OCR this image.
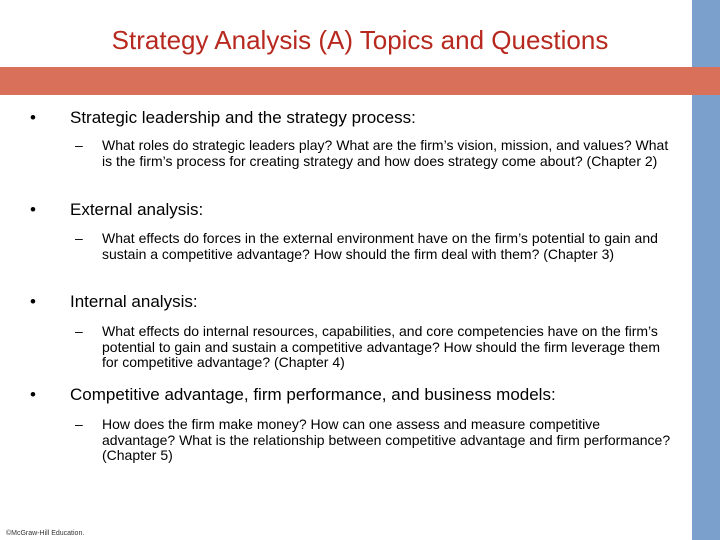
Strategy Analysis (A) Topics and Questions
•	Strategic leadership and the strategy process:
–	What roles do strategic leaders play? What are the firm’s vision, mission, and values? What is the firm’s process for creating strategy and how does strategy come about? (Chapter 2)
•	External analysis:
–	What effects do forces in the external environment have on the firm’s potential to gain and sustain a competitive advantage? How should the firm deal with them? (Chapter 3)
•	Internal analysis:
–	What effects do internal resources, capabilities, and core competencies have on the firm’s potential to gain and sustain a competitive advantage? How should the firm leverage them for competitive advantage? (Chapter 4)
•	Competitive advantage, firm performance, and business models:
–	How does the firm make money? How can one assess and measure competitive advantage? What is the relationship between competitive advantage and firm performance? (Chapter 5)
©McGraw-Hill Education.
